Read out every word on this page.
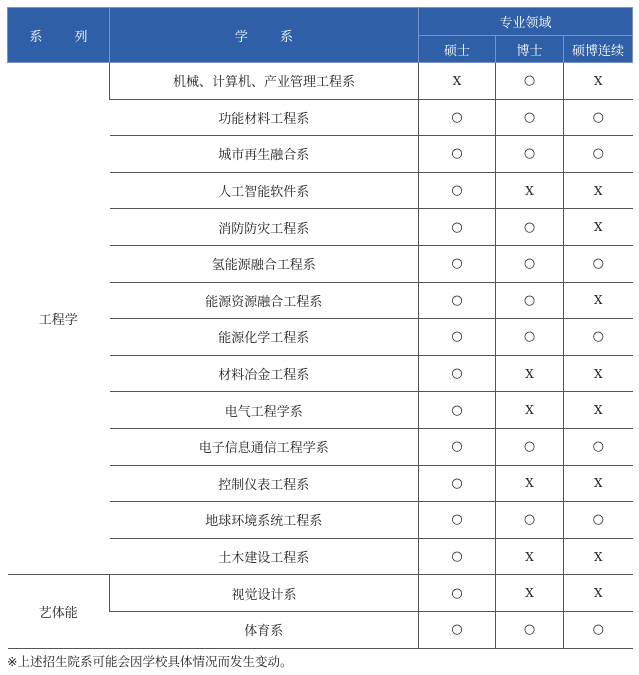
系 列	学 系	专业领域		
		硕士	博士	硕博连续
工程学	机械、计算机、产业管理工程系	X	○	X
	功能材料工程系	○	○	○
	城市再生融合系	○	○	○
	人工智能软件系	○	X	X
	消防防灾工程系	○	○	X
	氢能源融合工程系	○	○	○
	能源资源融合工程系	○	○	X
	能源化学工程系	○	○	○
	材料冶金工程系	○	X	X
	电气工程学系	○	X	X
	电子信息通信工程学系	○	○	○
	控制仪表工程系	○	X	X
	地球环境系统工程系	○	○	○
	土木建设工程系	○	X	X
艺体能	视觉设计系	○	X	X
	体育系	○	○	○
※上述招生院系可能会因学校具体情况而发生变动。
